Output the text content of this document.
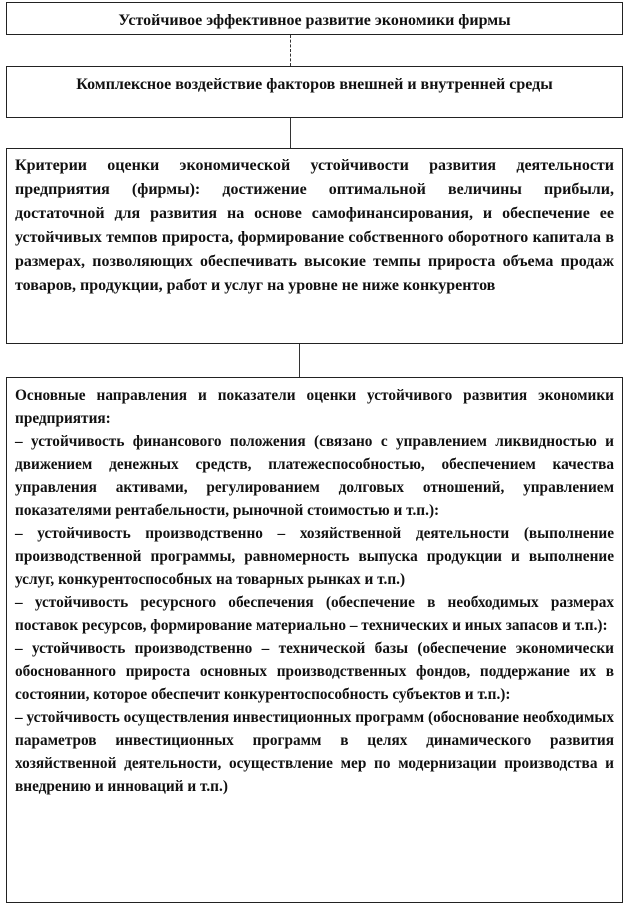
Устойчивое эффективное развитие экономики фирмы
Комплексное воздействие факторов внешней и внутренней среды

Критерии оценки экономической устойчивости развития деятельности предприятия (фирмы): достижение оптимальной величины прибыли, достаточной для развития на основе самофинансирования, и обеспечение ее устойчивых темпов прироста, формирование собственного оборотного капитала в размерах, позволяющих обеспечивать высокие темпы прироста объема продаж товаров, продукции, работ и услуг на уровне не ниже конкурентов

Основные направления и показатели оценки устойчивого развития экономики предприятия:

– устойчивость финансового положения (связано с управлением ликвидностью и движением денежных средств, платежеспособностью, обеспечением качества управления активами, регулированием долговых отношений, управлением показателями рентабельности, рыночной стоимостью и т.п.):

– устойчивость производственно – хозяйственной деятельности (выполнение производственной программы, равномерность выпуска продукции и выполнение услуг, конкурентоспособных на товарных рынках и т.п.)

– устойчивость ресурсного обеспечения (обеспечение в необходимых размерах поставок ресурсов, формирование материально – технических и иных запасов и т.п.):

– устойчивость производственно – технической базы (обеспечение экономически обоснованного прироста основных производственных фондов, поддержание их в состоянии, которое обеспечит конкурентоспособность субъектов и т.п.):

– устойчивость осуществления инвестиционных программ (обоснование необходимых параметров инвестиционных программ в целях динамического развития хозяйственной деятельности, осуществление мер по модернизации производства и внедрению и инноваций и т.п.)
